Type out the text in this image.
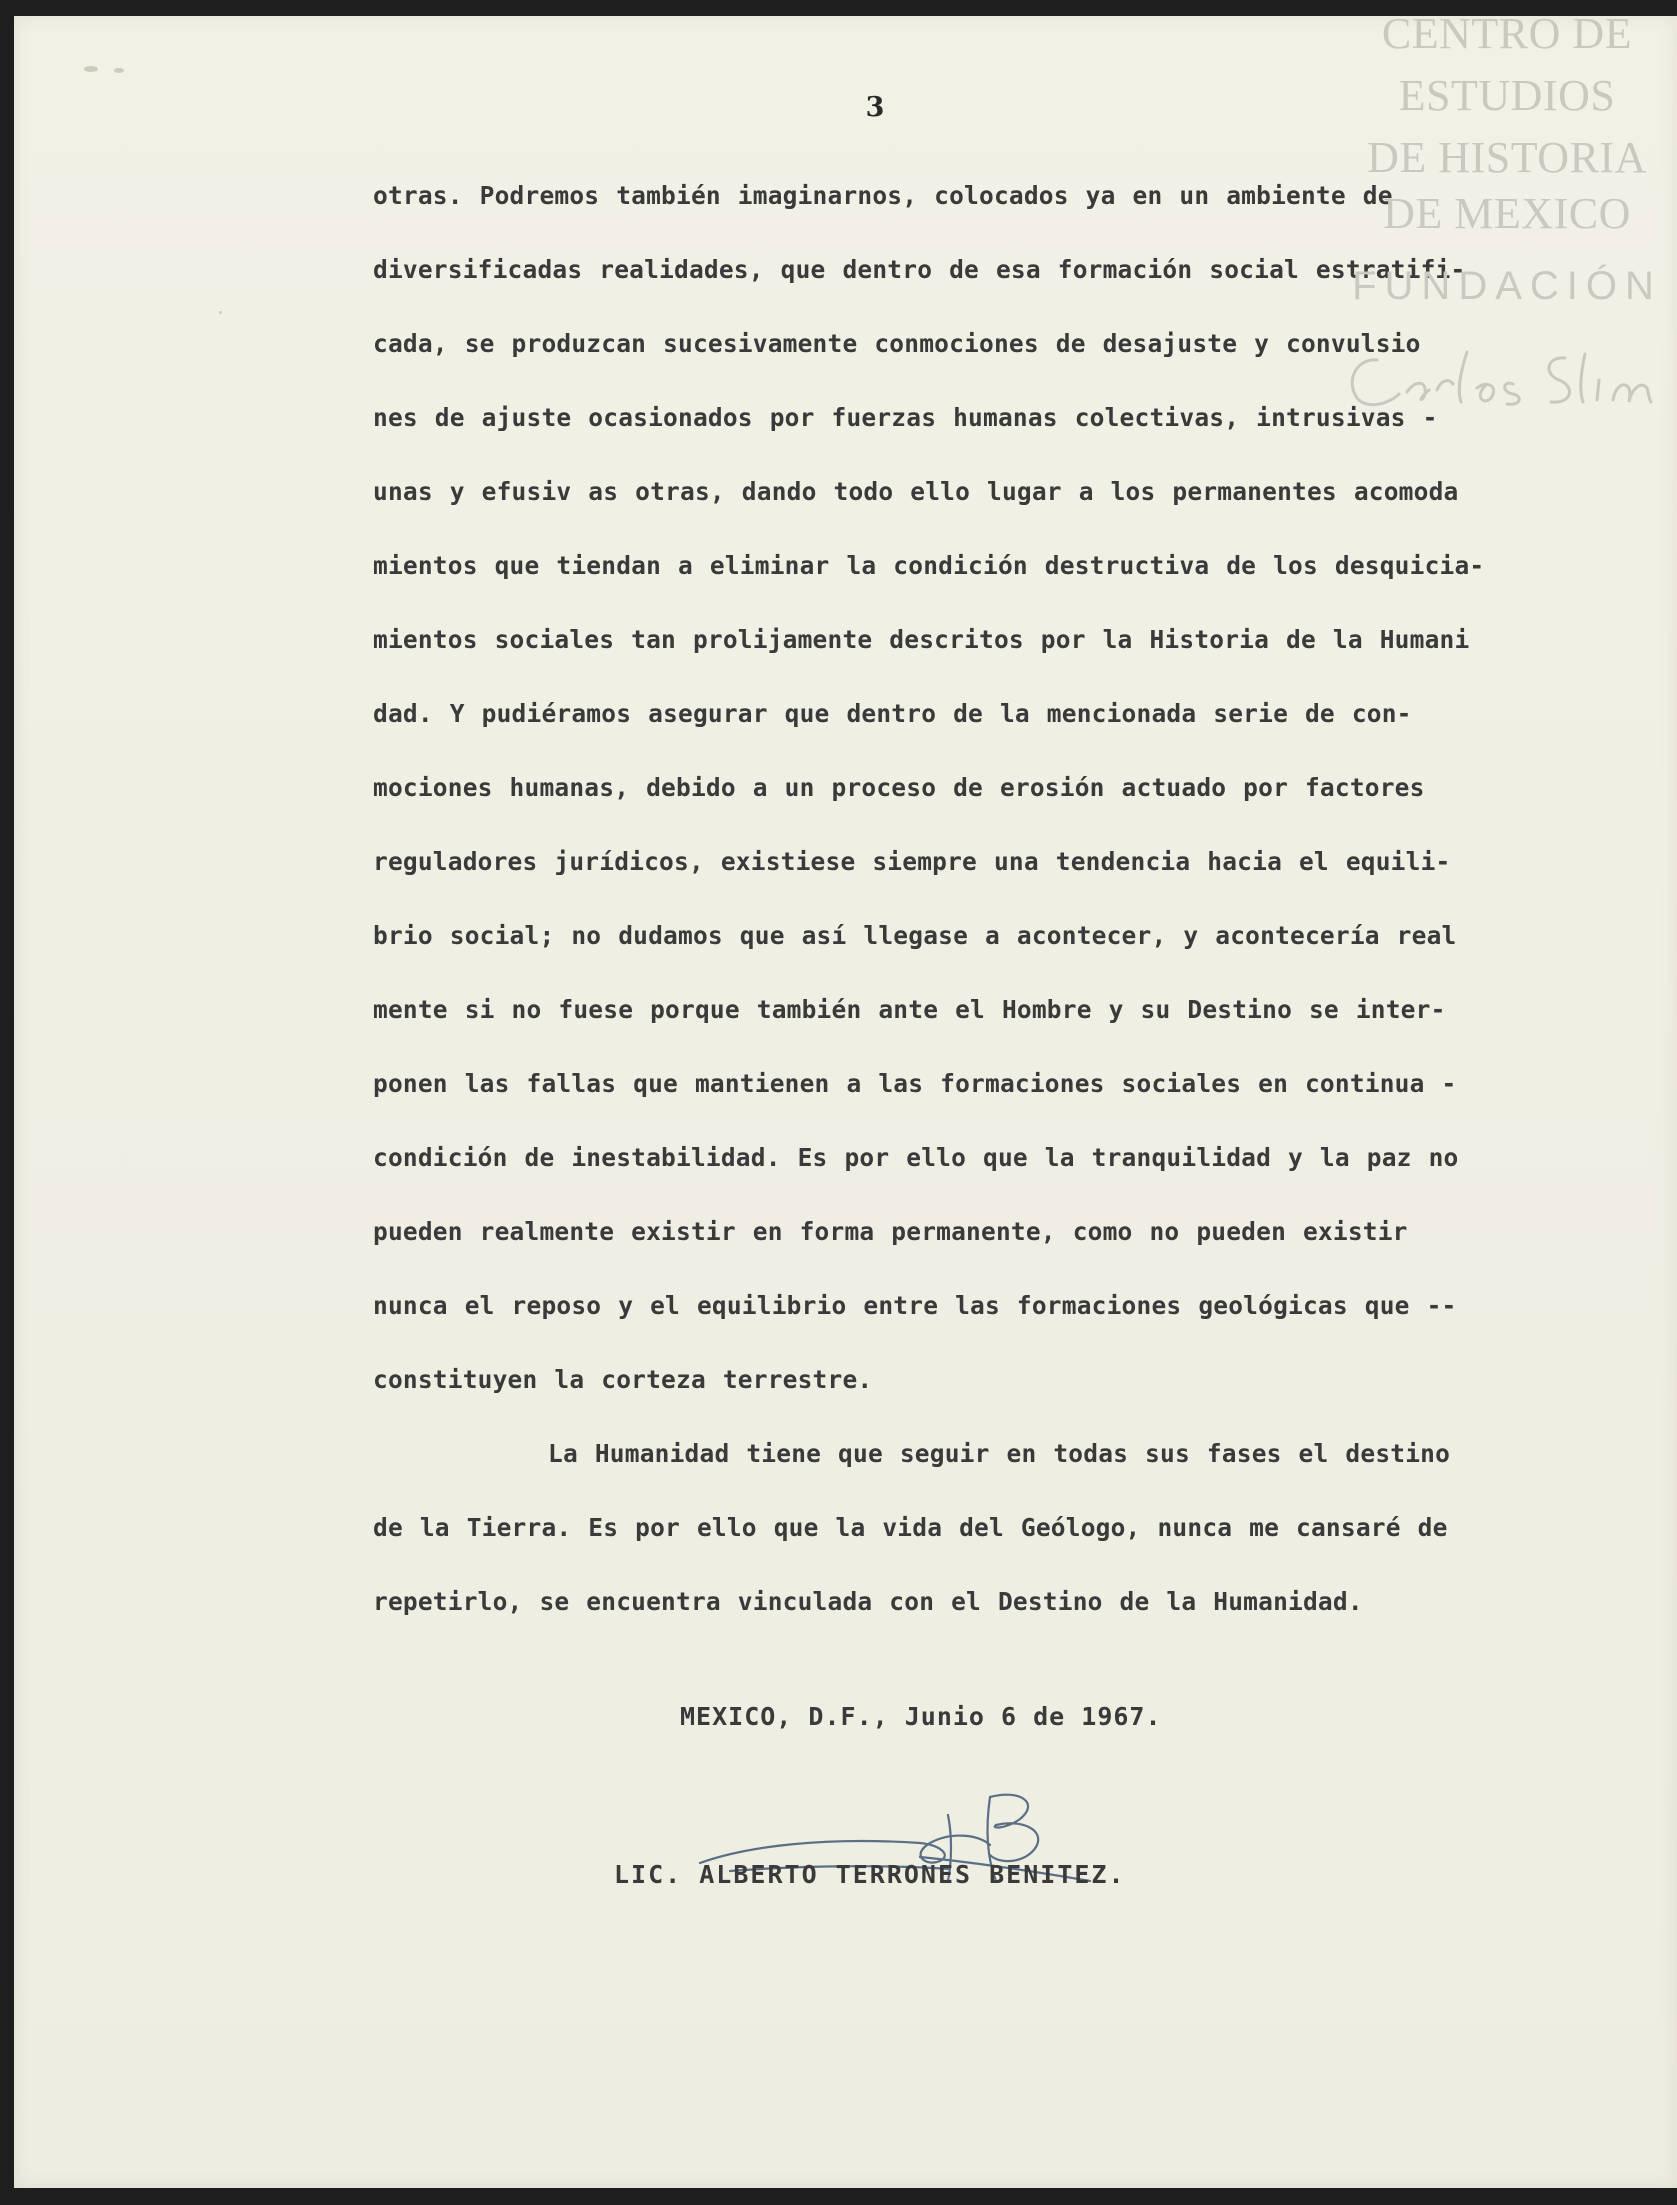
3
otras. Podremos también imaginarnos, colocados ya en un ambiente de
diversificadas realidades, que dentro de esa formación social estratifi-
cada, se produzcan sucesivamente conmociones de desajuste y convulsio
nes de ajuste ocasionados por fuerzas humanas colectivas, intrusivas -
unas y efusiv as otras, dando todo ello lugar a los permanentes acomoda
mientos que tiendan a eliminar la condición destructiva de los desquicia-
mientos sociales tan prolijamente descritos por la Historia de la Humani
dad. Y pudiéramos asegurar que dentro de la mencionada serie de con-
mociones humanas, debido a un proceso de erosión actuado por factores
reguladores jurídicos, existiese siempre una tendencia hacia el equili-
brio social; no dudamos que así llegase a acontecer, y acontecería real
mente si no fuese porque también ante el Hombre y su Destino se inter-
ponen las fallas que mantienen a las formaciones sociales en continua -
condición de inestabilidad. Es por ello que la tranquilidad y la paz no
pueden realmente existir en forma permanente, como no pueden existir
nunca el reposo y el equilibrio entre las formaciones geológicas que --
constituyen la corteza terrestre.
La Humanidad tiene que seguir en todas sus fases el destino
de la Tierra. Es por ello que la vida del Geólogo, nunca me cansaré de
repetirlo, se encuentra vinculada con el Destino de la Humanidad.
MEXICO, D.F., Junio 6 de 1967.
LIC. ALBERTO TERRONES BENITEZ.
CENTRO DE
ESTUDIOS
DE HISTORIA
DE MEXICO
FUNDACIÓN
